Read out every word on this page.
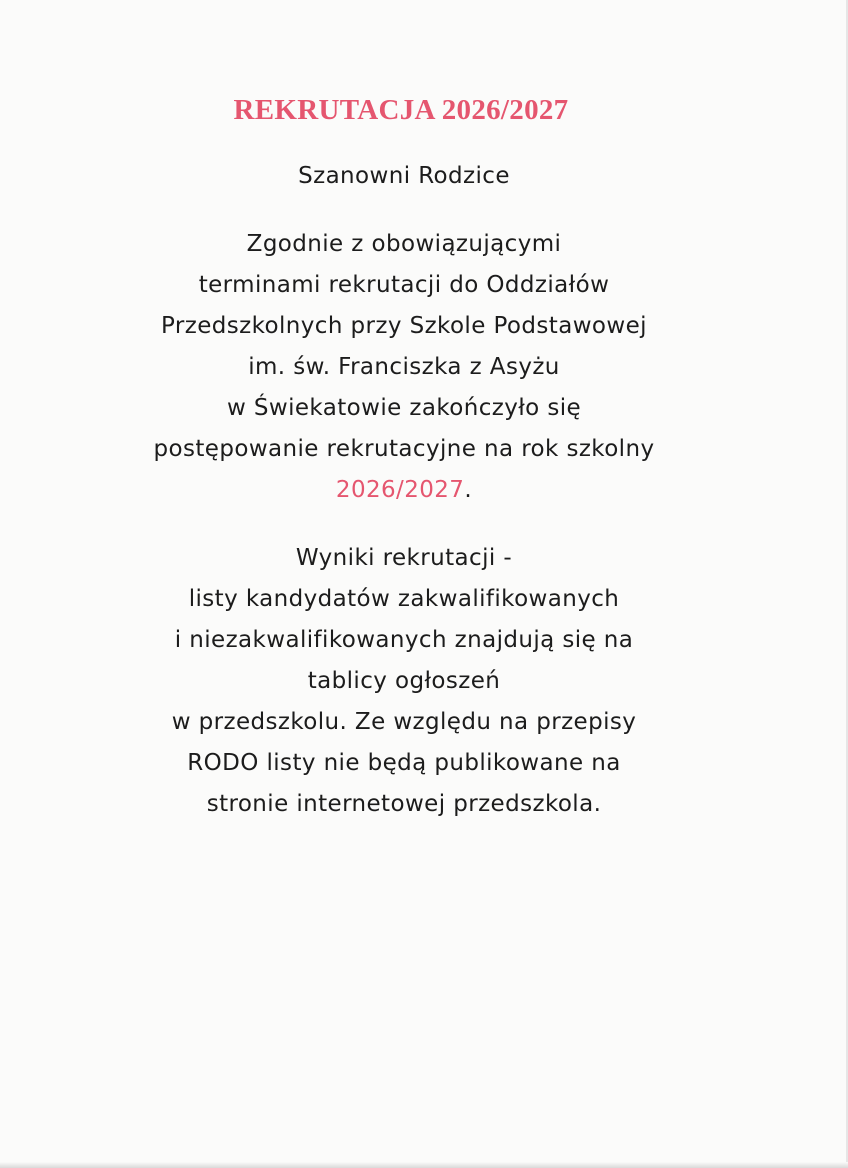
REKRUTACJA 2026/2027

Szanowni Rodzice

Zgodnie z obowiązującymi
terminami rekrutacji do Oddziałów
Przedszkolnych przy Szkole Podstawowej
im. św. Franciszka z Asyżu
w Świekatowie zakończyło się
postępowanie rekrutacyjne na rok szkolny
2026/2027.
Wyniki rekrutacji -
listy kandydatów zakwalifikowanych
i niezakwalifikowanych znajdują się na
tablicy ogłoszeń
w przedszkolu. Ze względu na przepisy
RODO listy nie będą publikowane na
stronie internetowej przedszkola.
